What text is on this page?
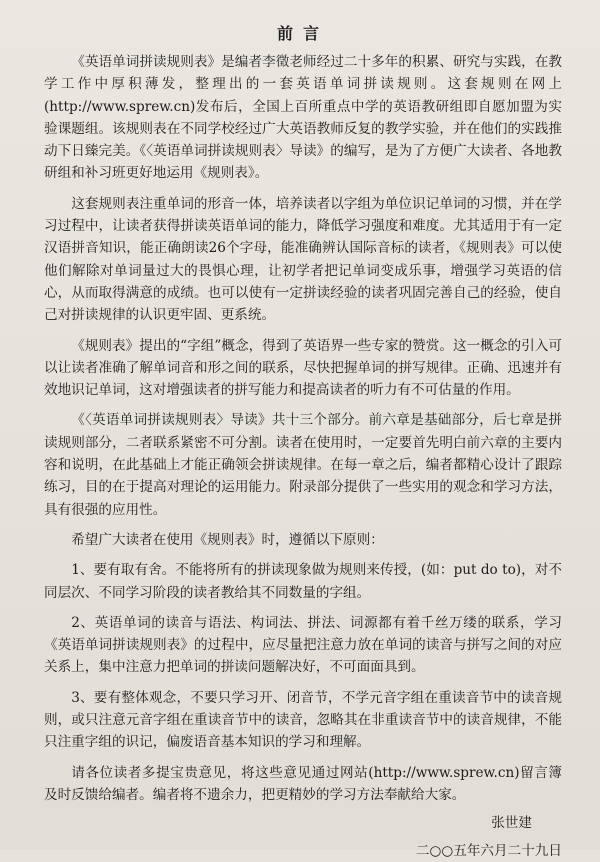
前言

《英语单词拼读规则表》是编者李徵老师经过二十多年的积累、研究与实践，在教学工作中厚积薄发，整理出的一套英语单词拼读规则。这套规则在网上(http://www.sprew.cn)发布后，全国上百所重点中学的英语教研组即自愿加盟为实验课题组。该规则表在不同学校经过广大英语教师反复的教学实验，并在他们的实践推动下日臻完美。《〈英语单词拼读规则表〉导读》的编写，是为了方便广大读者、各地教研组和补习班更好地运用《规则表》。

这套规则表注重单词的形音一体，培养读者以字组为单位识记单词的习惯，并在学习过程中，让读者获得拼读英语单词的能力，降低学习强度和难度。尤其适用于有一定汉语拼音知识，能正确朗读26个字母，能准确辨认国际音标的读者，《规则表》可以使他们解除对单词量过大的畏惧心理，让初学者把记单词变成乐事，增强学习英语的信心，从而取得满意的成绩。也可以使有一定拼读经验的读者巩固完善自己的经验，使自己对拼读规律的认识更牢固、更系统。

《规则表》提出的“字组”概念，得到了英语界一些专家的赞赏。这一概念的引入可以让读者准确了解单词音和形之间的联系，尽快把握单词的拼写规律。正确、迅速并有效地识记单词，这对增强读者的拼写能力和提高读者的听力有不可估量的作用。

《〈英语单词拼读规则表〉导读》共十三个部分。前六章是基础部分，后七章是拼读规则部分，二者联系紧密不可分割。读者在使用时，一定要首先明白前六章的主要内容和说明，在此基础上才能正确领会拼读规律。在每一章之后，编者都精心设计了跟踪练习，目的在于提高对理论的运用能力。附录部分提供了一些实用的观念和学习方法，具有很强的应用性。

希望广大读者在使用《规则表》时，遵循以下原则：

1、要有取有舍。不能将所有的拼读现象做为规则来传授，(如：put do to)，对不同层次、不同学习阶段的读者教给其不同数量的字组。

2、英语单词的读音与语法、构词法、拼法、词源都有着千丝万缕的联系，学习《英语单词拼读规则表》的过程中，应尽量把注意力放在单词的读音与拼写之间的对应关系上，集中注意力把单词的拼读问题解决好，不可面面具到。

3、要有整体观念，不要只学习开、闭音节，不学元音字组在重读音节中的读音规则，或只注意元音字组在重读音节中的读音，忽略其在非重读音节中的读音规律，不能只注重字组的识记，偏废语音基本知识的学习和理解。

请各位读者多提宝贵意见，将这些意见通过网站(http://www.sprew.cn)留言簿及时反馈给编者。编者将不遗余力，把更精妙的学习方法奉献给大家。

张世建
二○○五年六月二十九日
